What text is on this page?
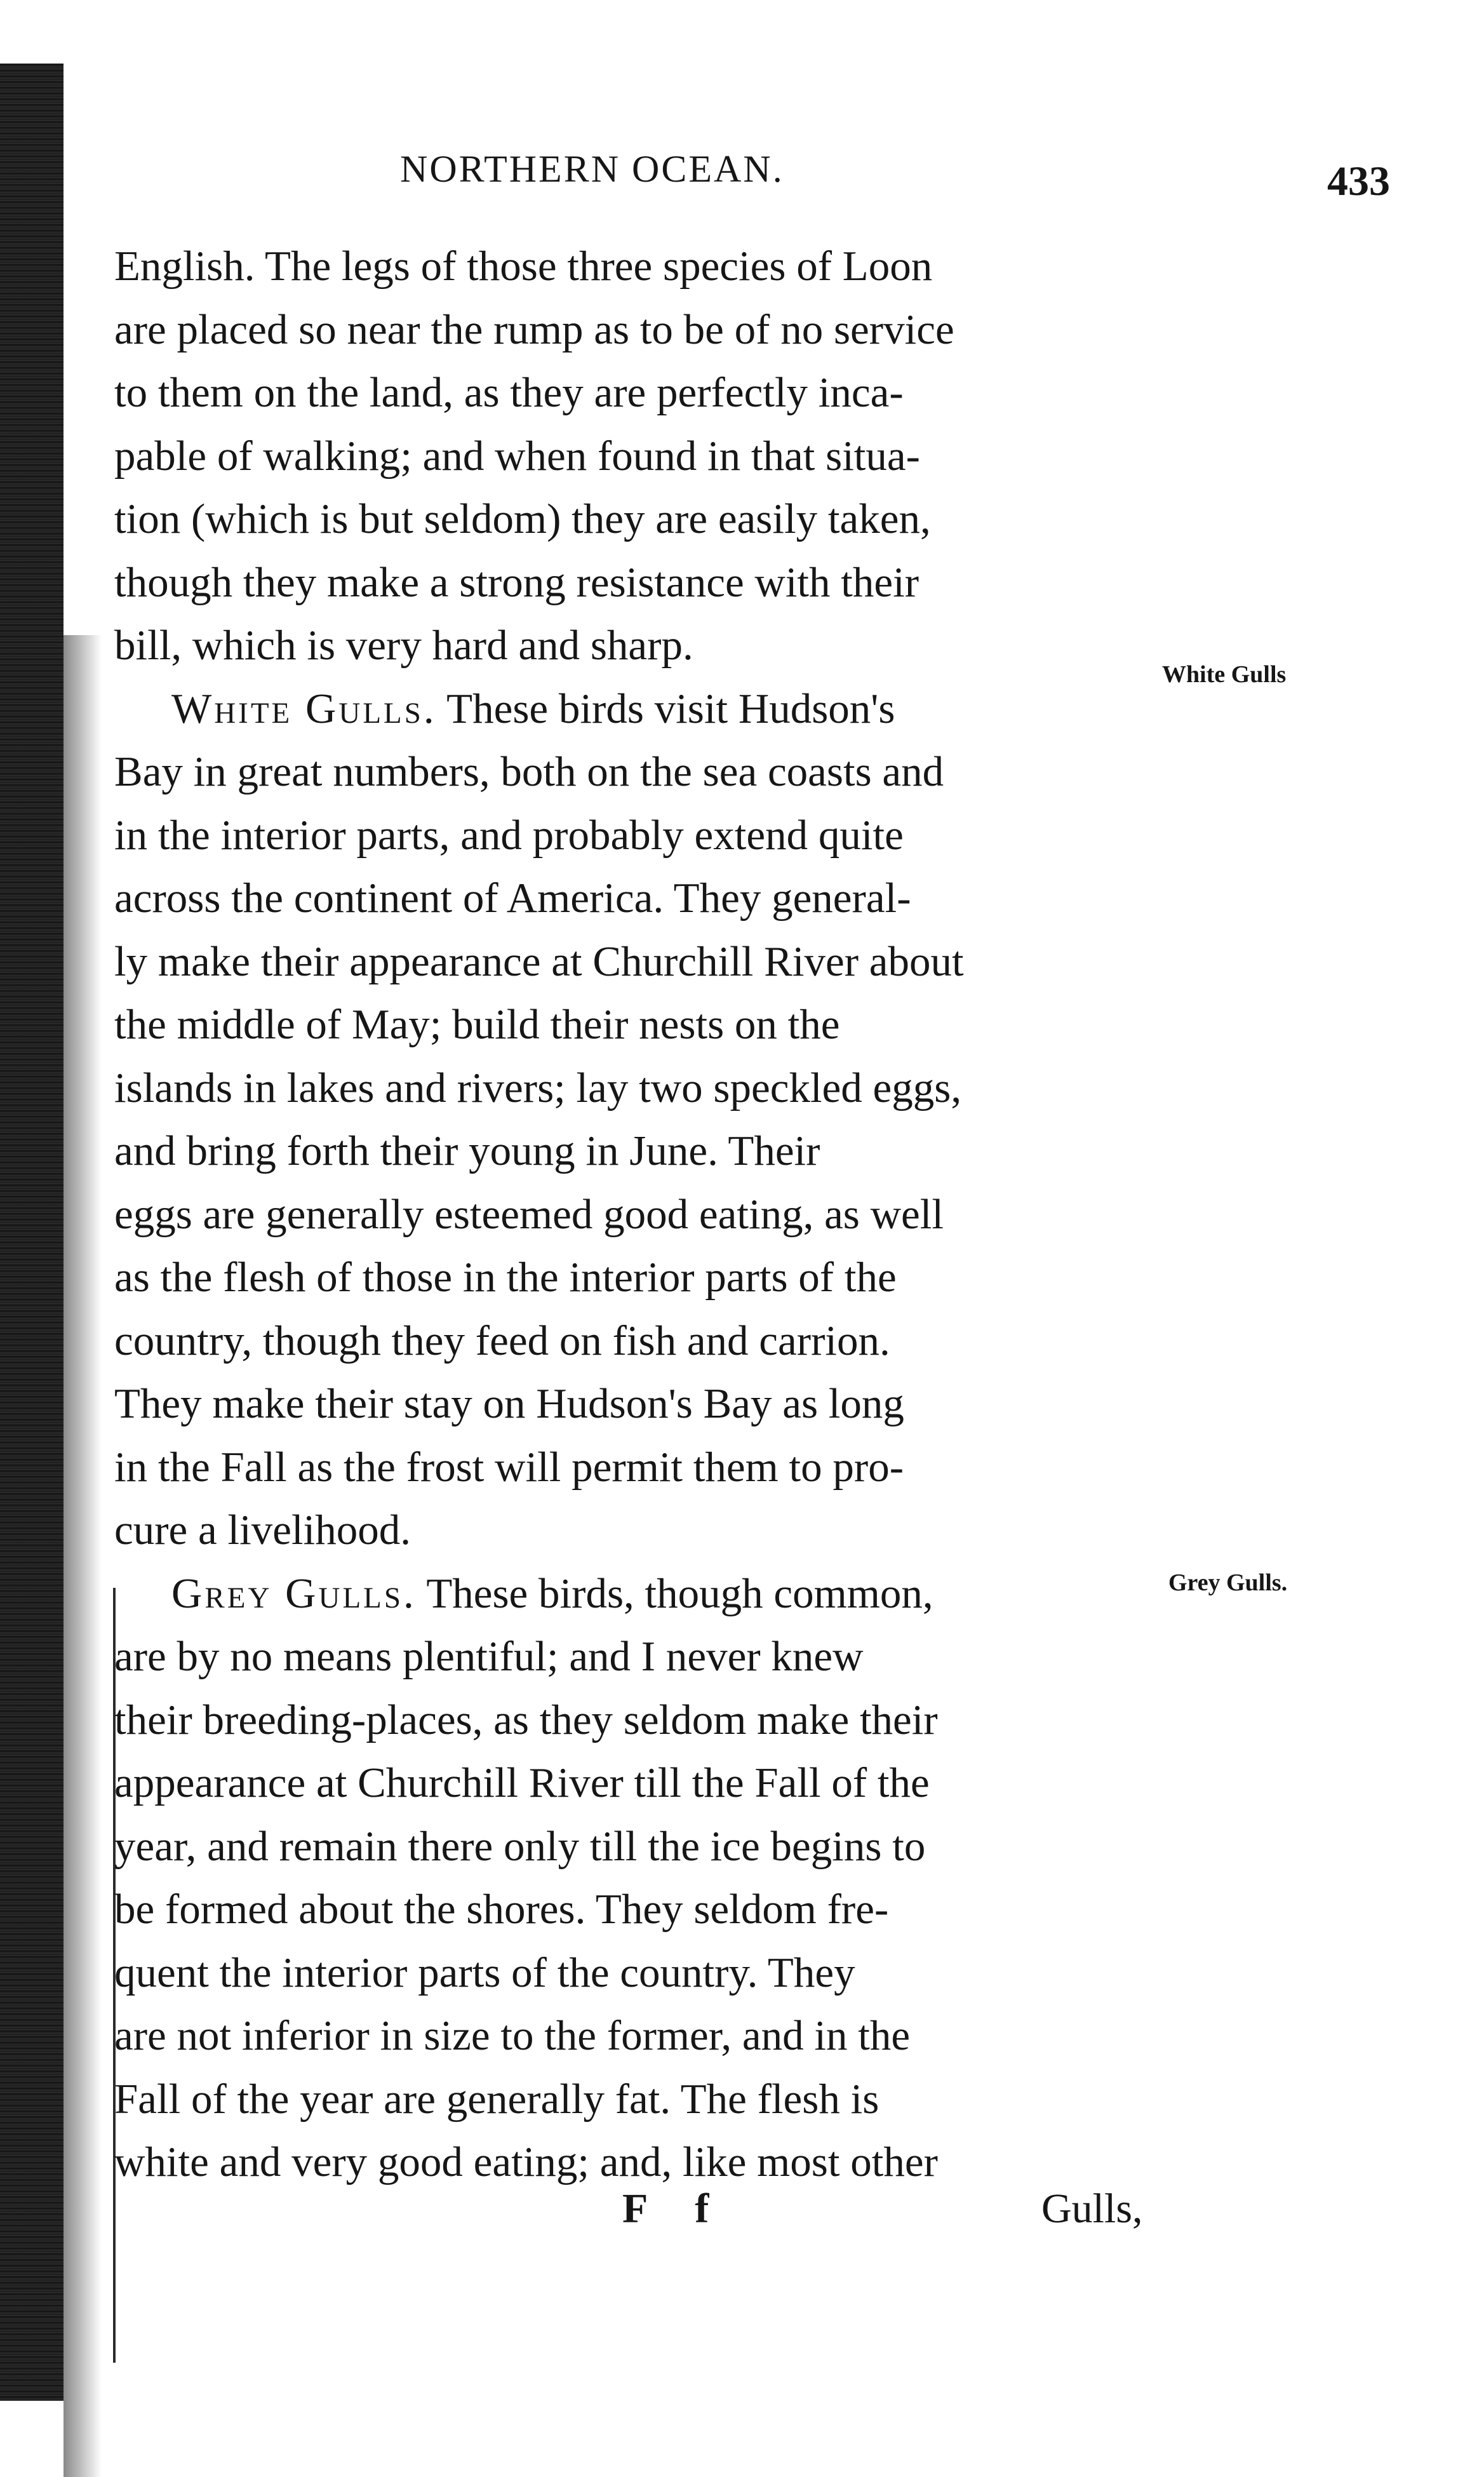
NORTHERN OCEAN.	433
English. The legs of those three species of Loon
are placed so near the rump as to be of no service
to them on the land, as they are perfectly inca-
pable of walking; and when found in that situa-
tion (which is but seldom) they are easily taken,
though they make a strong resistance with their
bill, which is very hard and sharp.
White Gulls. These birds visit Hudson's
Bay in great numbers, both on the sea coasts and
in the interior parts, and probably extend quite
across the continent of America. They general-
ly make their appearance at Churchill River about
the middle of May; build their nests on the
islands in lakes and rivers; lay two speckled eggs,
and bring forth their young in June. Their
eggs are generally esteemed good eating, as well
as the flesh of those in the interior parts of the
country, though they feed on fish and carrion.
They make their stay on Hudson's Bay as long
in the Fall as the frost will permit them to pro-
cure a livelihood.
Grey Gulls. These birds, though common,
are by no means plentiful; and I never knew
their breeding-places, as they seldom make their
appearance at Churchill River till the Fall of the
year, and remain there only till the ice begins to
be formed about the shores. They seldom fre-
quent the interior parts of the country. They
are not inferior in size to the former, and in the
Fall of the year are generally fat. The flesh is
white and very good eating; and, like most other
White Gulls
Grey Gulls.
F f	Gulls,
